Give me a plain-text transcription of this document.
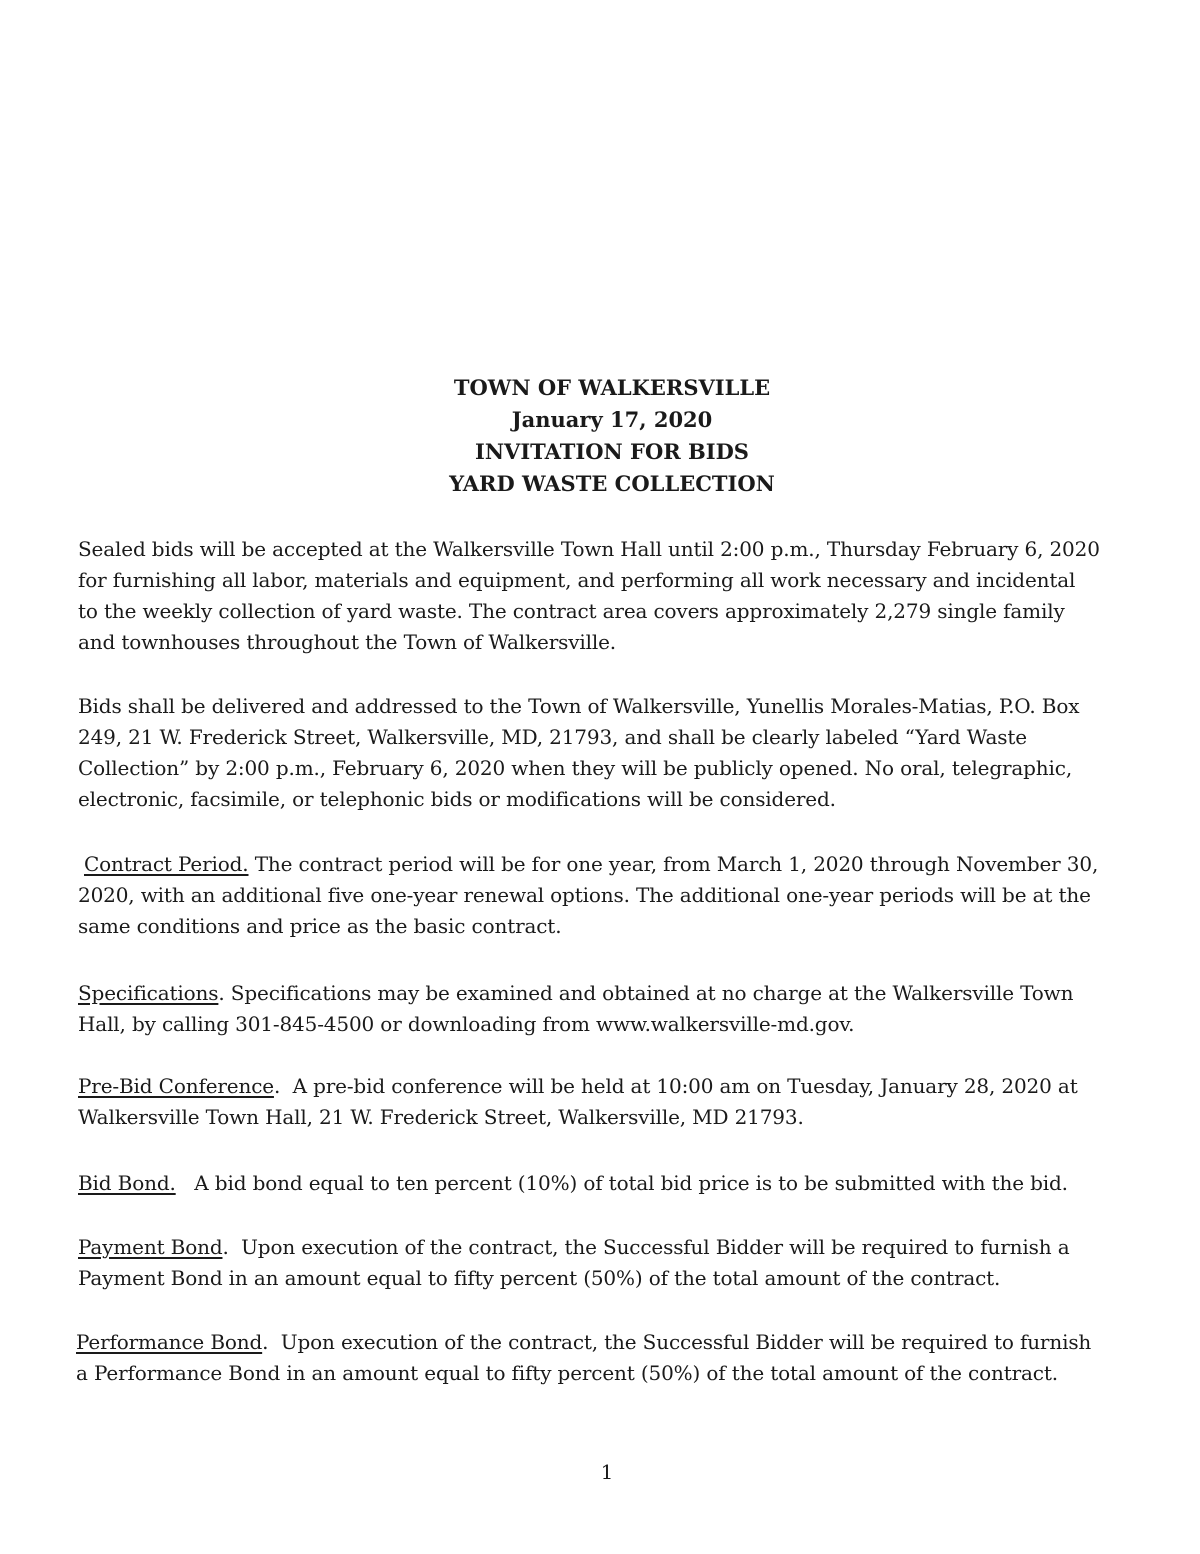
TOWN OF WALKERSVILLE
January 17, 2020
INVITATION FOR BIDS
YARD WASTE COLLECTION
Sealed bids will be accepted at the Walkersville Town Hall until 2:00 p.m., Thursday February 6, 2020
for furnishing all labor, materials and equipment, and performing all work necessary and incidental
to the weekly collection of yard waste. The contract area covers approximately 2,279 single family
and townhouses throughout the Town of Walkersville.
Bids shall be delivered and addressed to the Town of Walkersville, Yunellis Morales-Matias, P.O. Box
249, 21 W. Frederick Street, Walkersville, MD, 21793, and shall be clearly labeled “Yard Waste
Collection” by 2:00 p.m., February 6, 2020 when they will be publicly opened. No oral, telegraphic,
electronic, facsimile, or telephonic bids or modifications will be considered.
Contract Period. The contract period will be for one year, from March 1, 2020 through November 30,
2020, with an additional five one-year renewal options. The additional one-year periods will be at the
same conditions and price as the basic contract.
Specifications. Specifications may be examined and obtained at no charge at the Walkersville Town
Hall, by calling 301-845-4500 or downloading from www.walkersville-md.gov.
Pre-Bid Conference.  A pre-bid conference will be held at 10:00 am on Tuesday, January 28, 2020 at
Walkersville Town Hall, 21 W. Frederick Street, Walkersville, MD 21793.
Bid Bond.   A bid bond equal to ten percent (10%) of total bid price is to be submitted with the bid.
Payment Bond.  Upon execution of the contract, the Successful Bidder will be required to furnish a
Payment Bond in an amount equal to fifty percent (50%) of the total amount of the contract.
Performance Bond.  Upon execution of the contract, the Successful Bidder will be required to furnish
a Performance Bond in an amount equal to fifty percent (50%) of the total amount of the contract.
1
